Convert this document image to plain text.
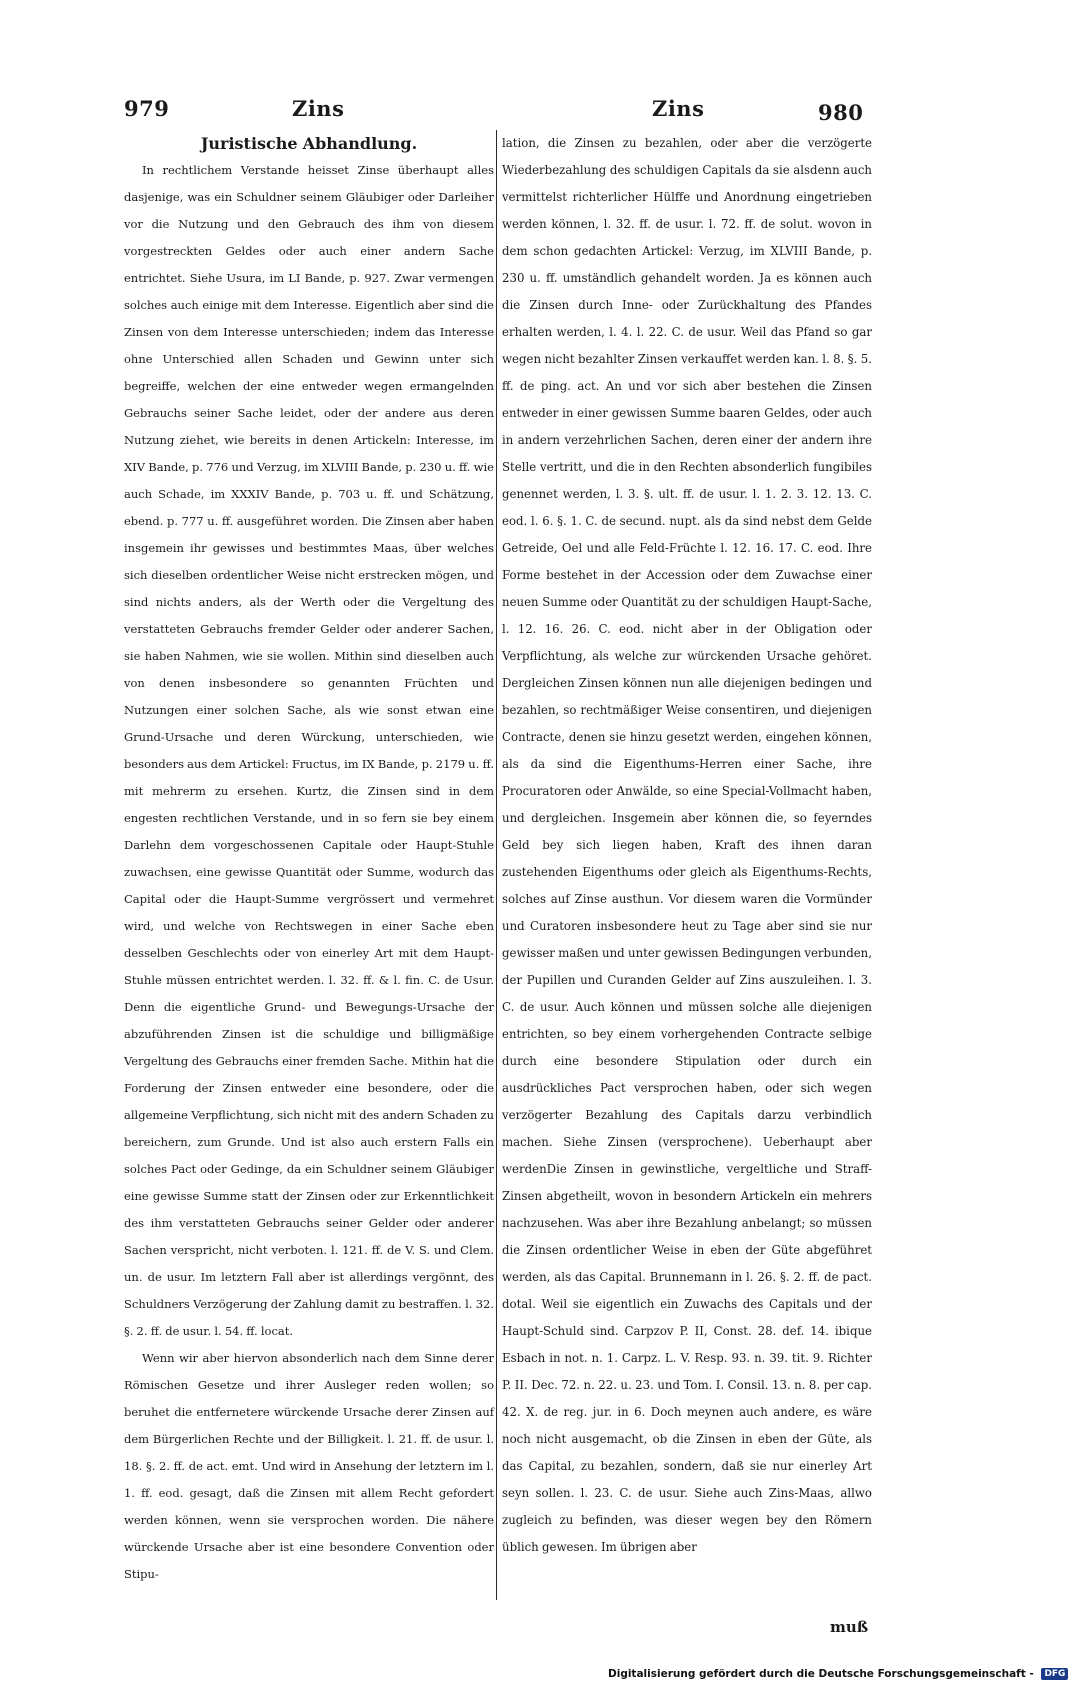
979	Zins	Zins	980

Juristische Abhandlung.

In rechtlichem Verstande heisset Zinse überhaupt alles dasjenige, was ein Schuldner seinem Gläubiger oder Darleiher vor die Nutzung und den Gebrauch des ihm von diesem vorgestreckten Geldes oder auch einer andern Sache entrichtet. Siehe Usura, im LI Bande, p. 927. Zwar vermengen solches auch einige mit dem Interesse. Eigentlich aber sind die Zinsen von dem Interesse unterschieden; indem das Interesse ohne Unterschied allen Schaden und Gewinn unter sich begreiffe, welchen der eine entweder wegen ermangelnden Gebrauchs seiner Sache leidet, oder der andere aus deren Nutzung ziehet, wie bereits in denen Artickeln: Interesse, im XIV Bande, p. 776 und Verzug, im XLVIII Bande, p. 230 u. ff. wie auch Schade, im XXXIV Bande, p. 703 u. ff. und Schätzung, ebend. p. 777 u. ff. ausgeführet worden. Die Zinsen aber haben insgemein ihr gewisses und bestimmtes Maas, über welches sich dieselben ordentlicher Weise nicht erstrecken mögen, und sind nichts anders, als der Werth oder die Vergeltung des verstatteten Gebrauchs fremder Gelder oder anderer Sachen, sie haben Nahmen, wie sie wollen. Mithin sind dieselben auch von denen insbesondere so genannten Früchten und Nutzungen einer solchen Sache, als wie sonst etwan eine Grund-Ursache und deren Würckung, unterschieden, wie besonders aus dem Artickel: Fructus, im IX Bande, p. 2179 u. ff. mit mehrerm zu ersehen. Kurtz, die Zinsen sind in dem engesten rechtlichen Verstande, und in so fern sie bey einem Darlehn dem vorgeschossenen Capitale oder Haupt-Stuhle zuwachsen, eine gewisse Quantität oder Summe, wodurch das Capital oder die Haupt-Summe vergrössert und vermehret wird, und welche von Rechtswegen in einer Sache eben desselben Geschlechts oder von einerley Art mit dem Haupt-Stuhle müssen entrichtet werden. l. 32. ff. & l. fin. C. de Usur. Denn die eigentliche Grund- und Bewegungs-Ursache der abzuführenden Zinsen ist die schuldige und billigmäßige Vergeltung des Gebrauchs einer fremden Sache. Mithin hat die Forderung der Zinsen entweder eine besondere, oder die allgemeine Verpflichtung, sich nicht mit des andern Schaden zu bereichern, zum Grunde. Und ist also auch erstern Falls ein solches Pact oder Gedinge, da ein Schuldner seinem Gläubiger eine gewisse Summe statt der Zinsen oder zur Erkenntlichkeit des ihm verstatteten Gebrauchs seiner Gelder oder anderer Sachen verspricht, nicht verboten. l. 121. ff. de V. S. und Clem. un. de usur. Im letztern Fall aber ist allerdings vergönnt, des Schuldners Verzögerung der Zahlung damit zu bestraffen. l. 32. §. 2. ff. de usur. l. 54. ff. locat.

Wenn wir aber hiervon absonderlich nach dem Sinne derer Römischen Gesetze und ihrer Ausleger reden wollen; so beruhet die entfernetere würckende Ursache derer Zinsen auf dem Bürgerlichen Rechte und der Billigkeit. l. 21. ff. de usur. l. 18. §. 2. ff. de act. emt. Und wird in Ansehung der letztern im l. 1. ff. eod. gesagt, daß die Zinsen mit allem Recht gefordert werden können, wenn sie versprochen worden. Die nähere würckende Ursache aber ist eine besondere Convention oder Stipu-

lation, die Zinsen zu bezahlen, oder aber die verzögerte Wiederbezahlung des schuldigen Capitals da sie alsdenn auch vermittelst richterlicher Hülffe und Anordnung eingetrieben werden können, l. 32. ff. de usur. l. 72. ff. de solut. wovon in dem schon gedachten Artickel: Verzug, im XLVIII Bande, p. 230 u. ff. umständlich gehandelt worden. Ja es können auch die Zinsen durch Inne- oder Zurückhaltung des Pfandes erhalten werden, l. 4. l. 22. C. de usur. Weil das Pfand so gar wegen nicht bezahlter Zinsen verkauffet werden kan. l. 8. §. 5. ff. de ping. act. An und vor sich aber bestehen die Zinsen entweder in einer gewissen Summe baaren Geldes, oder auch in andern verzehrlichen Sachen, deren einer der andern ihre Stelle vertritt, und die in den Rechten absonderlich fungibiles genennet werden, l. 3. §. ult. ff. de usur. l. 1. 2. 3. 12. 13. C. eod. l. 6. §. 1. C. de secund. nupt. als da sind nebst dem Gelde Getreide, Oel und alle Feld-Früchte l. 12. 16. 17. C. eod. Ihre Forme bestehet in der Accession oder dem Zuwachse einer neuen Summe oder Quantität zu der schuldigen Haupt-Sache, l. 12. 16. 26. C. eod. nicht aber in der Obligation oder Verpflichtung, als welche zur würckenden Ursache gehöret. Dergleichen Zinsen können nun alle diejenigen bedingen und bezahlen, so rechtmäßiger Weise consentiren, und diejenigen Contracte, denen sie hinzu gesetzt werden, eingehen können, als da sind die Eigenthums-Herren einer Sache, ihre Procuratoren oder Anwälde, so eine Special-Vollmacht haben, und dergleichen. Insgemein aber können die, so feyerndes Geld bey sich liegen haben, Kraft des ihnen daran zustehenden Eigenthums oder gleich als Eigenthums-Rechts, solches auf Zinse austhun. Vor diesem waren die Vormünder und Curatoren insbesondere heut zu Tage aber sind sie nur gewisser maßen und unter gewissen Bedingungen verbunden, der Pupillen und Curanden Gelder auf Zins auszuleihen. l. 3. C. de usur. Auch können und müssen solche alle diejenigen entrichten, so bey einem vorhergehenden Contracte selbige durch eine besondere Stipulation oder durch ein ausdrückliches Pact versprochen haben, oder sich wegen verzögerter Bezahlung des Capitals darzu verbindlich machen. Siehe Zinsen (versprochene). Ueberhaupt aber werdenDie Zinsen in gewinstliche, vergeltliche und Straff-Zinsen abgetheilt, wovon in besondern Artickeln ein mehrers nachzusehen. Was aber ihre Bezahlung anbelangt; so müssen die Zinsen ordentlicher Weise in eben der Güte abgeführet werden, als das Capital. Brunnemann in l. 26. §. 2. ff. de pact. dotal. Weil sie eigentlich ein Zuwachs des Capitals und der Haupt-Schuld sind. Carpzov P. II, Const. 28. def. 14. ibique Esbach in not. n. 1. Carpz. L. V. Resp. 93. n. 39. tit. 9. Richter P. II. Dec. 72. n. 22. u. 23. und Tom. I. Consil. 13. n. 8. per cap. 42. X. de reg. jur. in 6. Doch meynen auch andere, es wäre noch nicht ausgemacht, ob die Zinsen in eben der Güte, als das Capital, zu bezahlen, sondern, daß sie nur einerley Art seyn sollen. l. 23. C. de usur. Siehe auch Zins-Maas, allwo zugleich zu befinden, was dieser wegen bey den Römern üblich gewesen. Im übrigen aber

muß
Digitalisierung gefördert durch die Deutsche Forschungsgemeinschaft - DFG
